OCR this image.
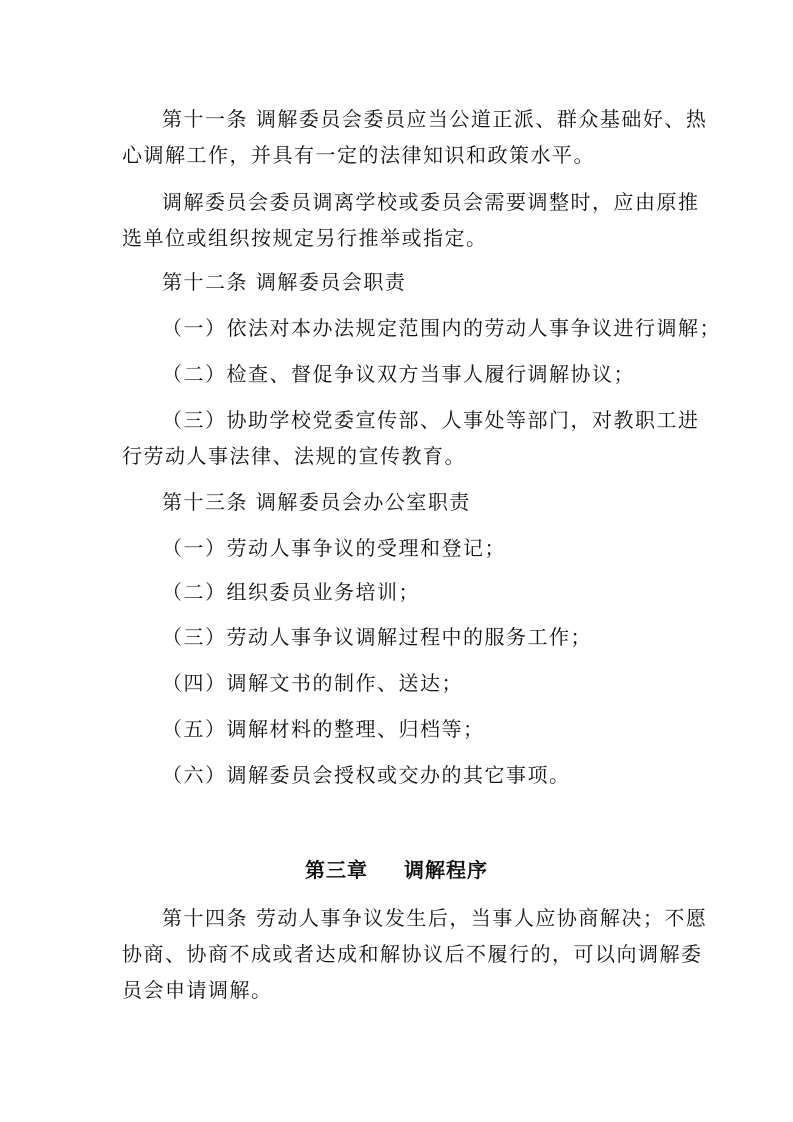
第十一条 调解委员会委员应当公道正派、群众基础好、热
心调解工作，并具有一定的法律知识和政策水平。
调解委员会委员调离学校或委员会需要调整时，应由原推
选单位或组织按规定另行推举或指定。
第十二条 调解委员会职责
（一）依法对本办法规定范围内的劳动人事争议进行调解；
（二）检查、督促争议双方当事人履行调解协议；
（三）协助学校党委宣传部、人事处等部门，对教职工进
行劳动人事法律、法规的宣传教育。
第十三条 调解委员会办公室职责
（一）劳动人事争议的受理和登记；
（二）组织委员业务培训；
（三）劳动人事争议调解过程中的服务工作；
（四）调解文书的制作、送达；
（五）调解材料的整理、归档等；
（六）调解委员会授权或交办的其它事项。
第三章 调解程序
第十四条 劳动人事争议发生后，当事人应协商解决；不愿
协商、协商不成或者达成和解协议后不履行的，可以向调解委
员会申请调解。
